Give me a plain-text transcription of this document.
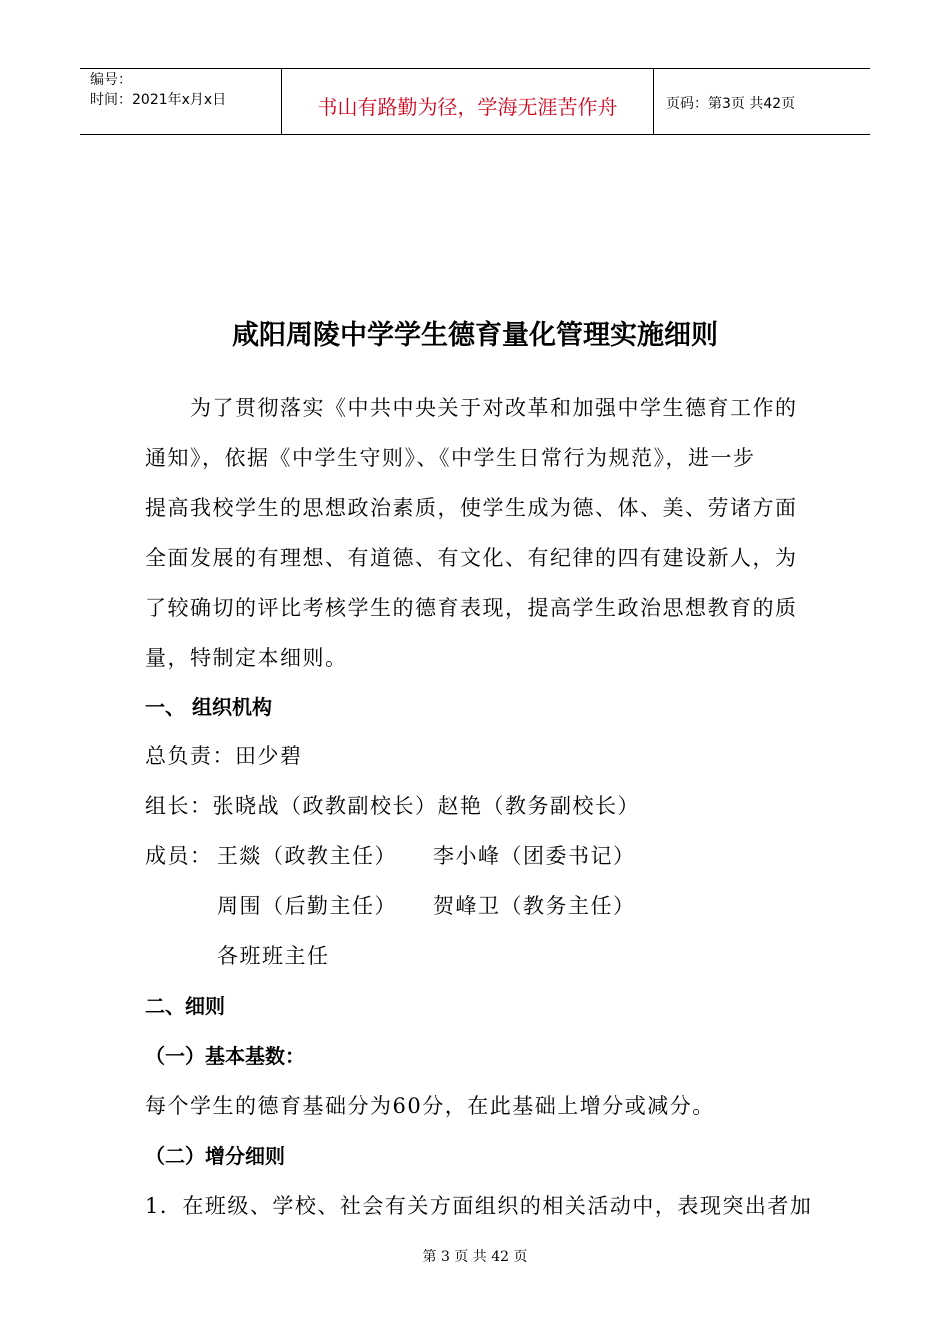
编号：
时间：2021年x月x日	书山有路勤为径，学海无涯苦作舟	页码：第3页 共42页
咸阳周陵中学学生德育量化管理实施细则
为了贯彻落实《中共中央关于对改革和加强中学生德育工作的
通知》，依据《中学生守则》、《中学生日常行为规范》，进一步
提高我校学生的思想政治素质，使学生成为德、体、美、劳诸方面
全面发展的有理想、有道德、有文化、有纪律的四有建设新人，为
了较确切的评比考核学生的德育表现，提高学生政治思想教育的质
量，特制定本细则。
一、 组织机构
总负责：田少碧
组长：张晓战（政教副校长）赵艳（教务副校长）
成员： 王燚（政教主任） 李小峰（团委书记）
周围（后勤主任） 贺峰卫（教务主任）
各班班主任
二、细则
（一）基本基数：
每个学生的德育基础分为60分，在此基础上增分或减分。
（二）增分细则
1．在班级、学校、社会有关方面组织的相关活动中，表现突出者加
第 3 页 共 42 页
